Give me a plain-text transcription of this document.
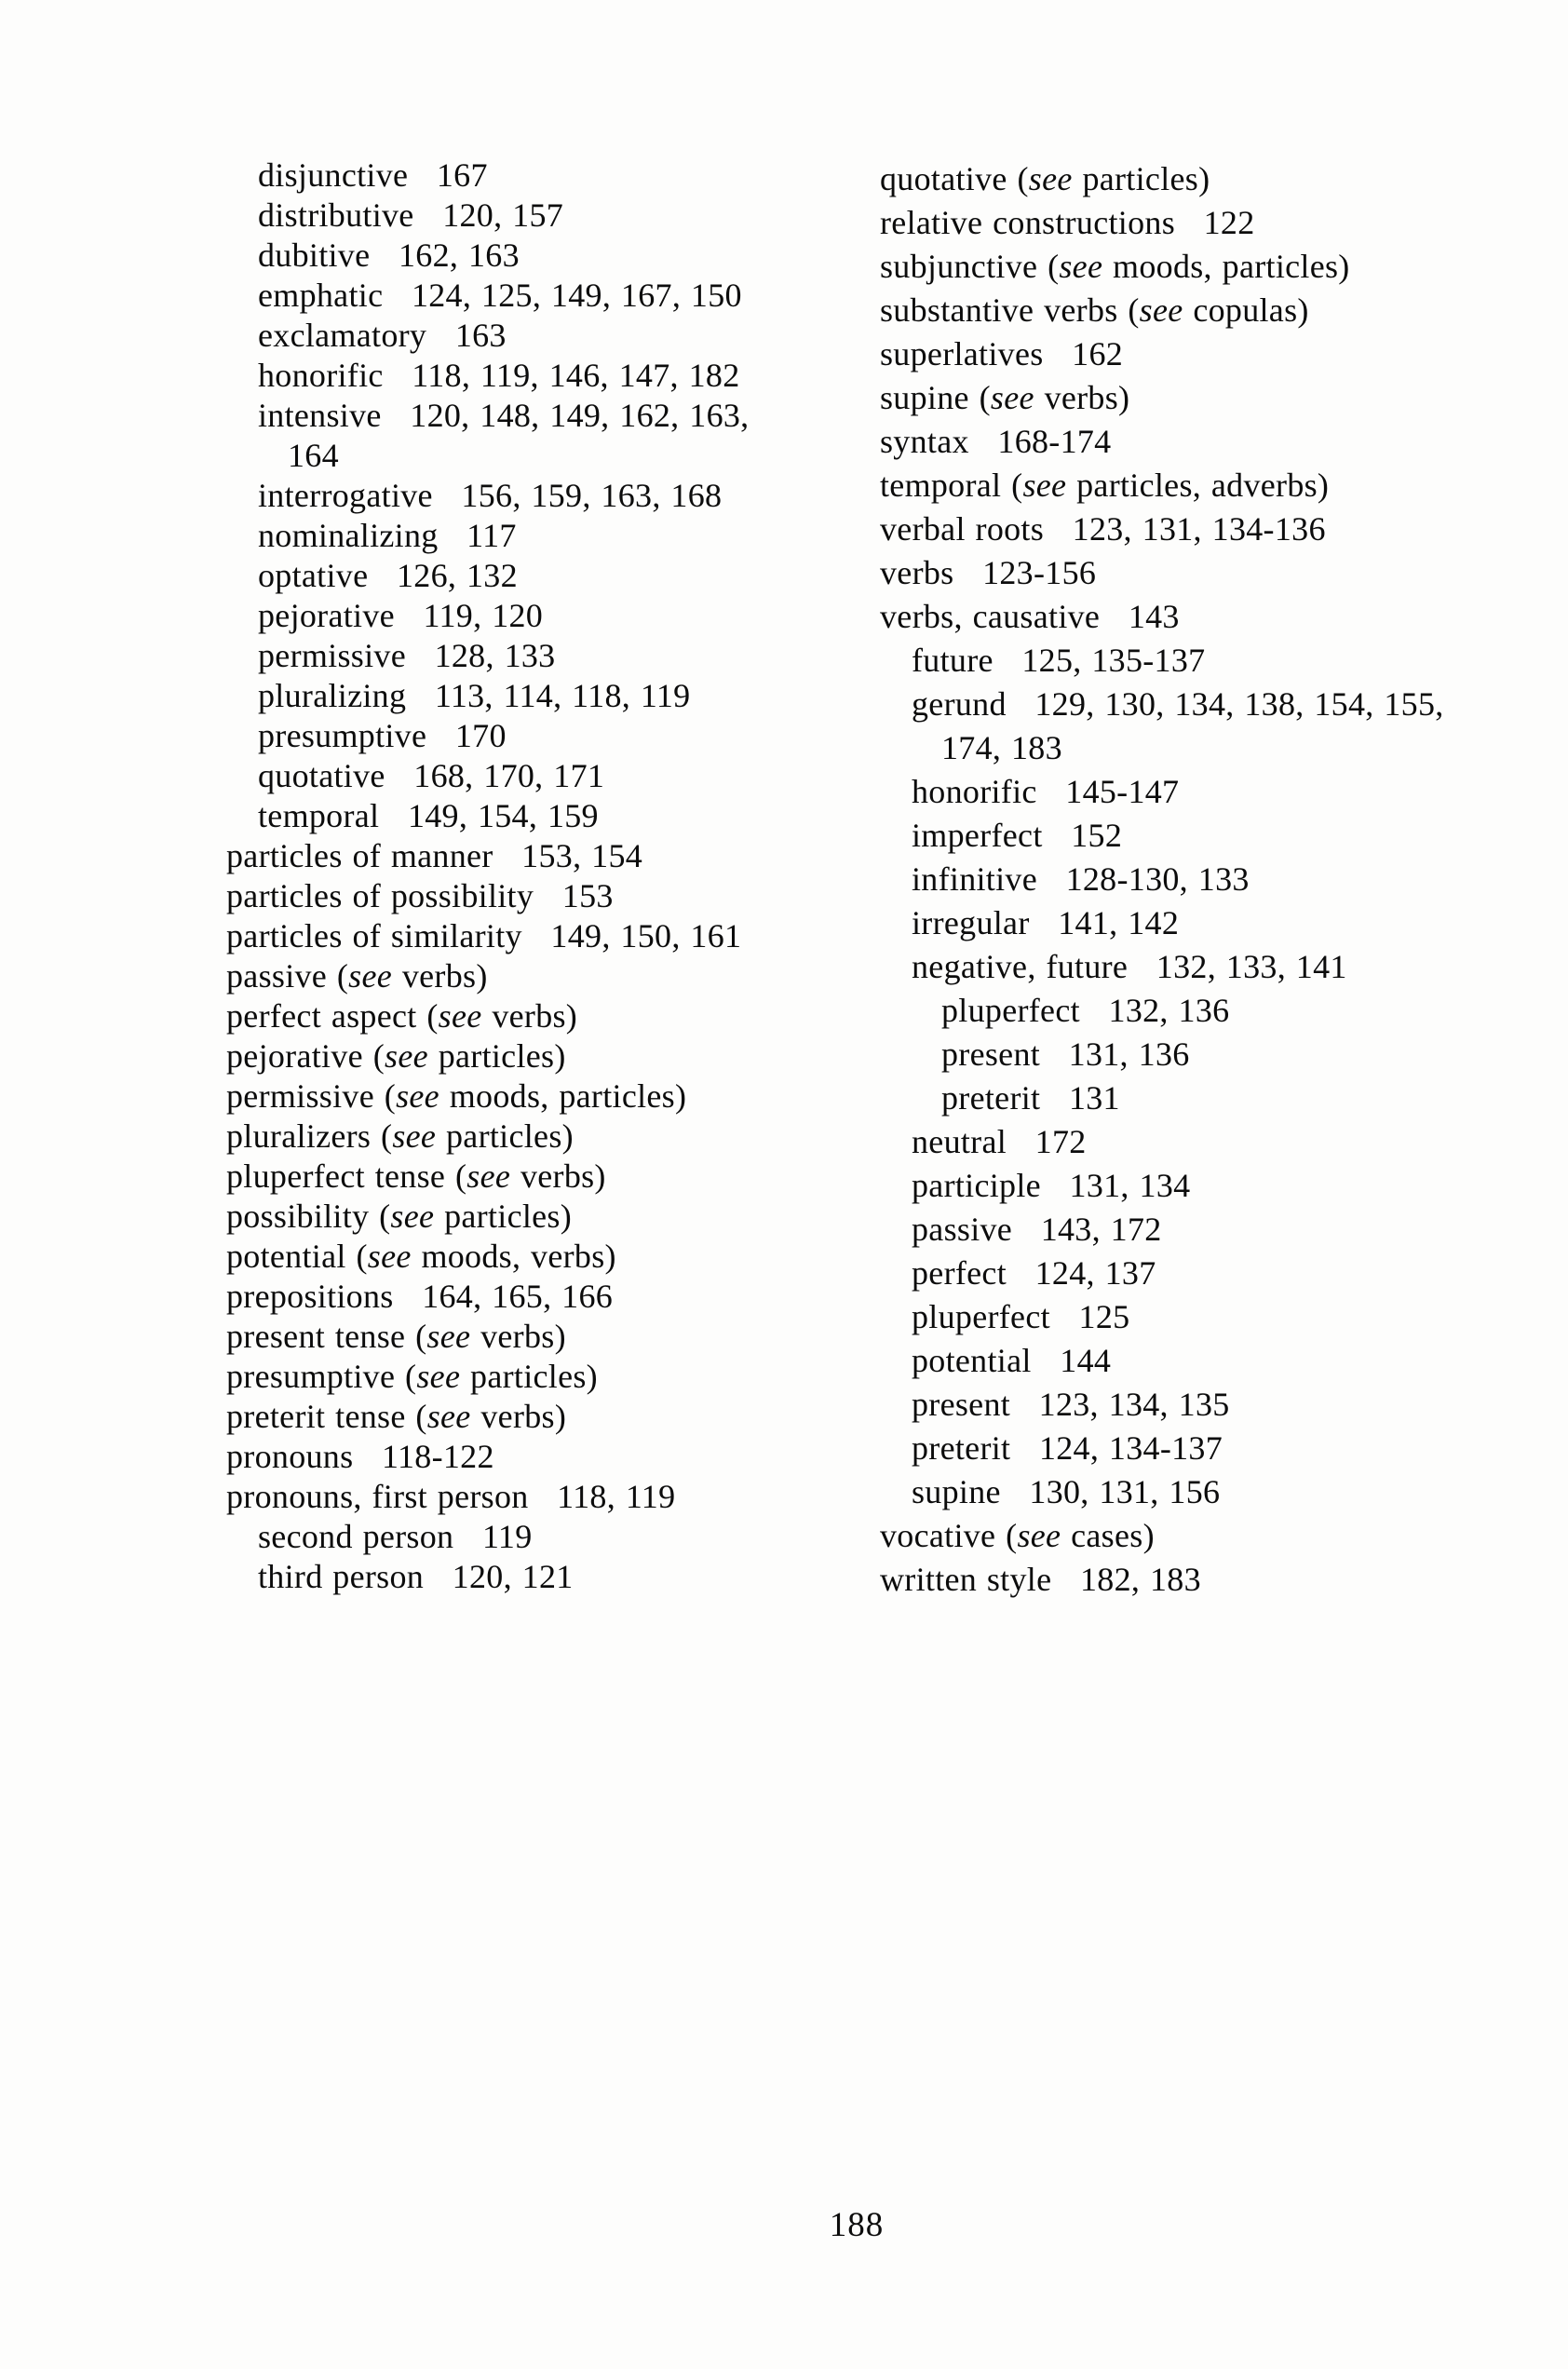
disjunctive 167
distributive 120, 157
dubitive 162, 163
emphatic 124, 125, 149, 167, 150
exclamatory 163
honorific 118, 119, 146, 147, 182
intensive 120, 148, 149, 162, 163,
164
interrogative 156, 159, 163, 168
nominalizing 117
optative 126, 132
pejorative 119, 120
permissive 128, 133
pluralizing 113, 114, 118, 119
presumptive 170
quotative 168, 170, 171
temporal 149, 154, 159
particles of manner 153, 154
particles of possibility 153
particles of similarity 149, 150, 161
passive (see verbs)
perfect aspect (see verbs)
pejorative (see particles)
permissive (see moods, particles)
pluralizers (see particles)
pluperfect tense (see verbs)
possibility (see particles)
potential (see moods, verbs)
prepositions 164, 165, 166
present tense (see verbs)
presumptive (see particles)
preterit tense (see verbs)
pronouns 118-122
pronouns, first person 118, 119
second person 119
third person 120, 121
quotative (see particles)
relative constructions 122
subjunctive (see moods, particles)
substantive verbs (see copulas)
superlatives 162
supine (see verbs)
syntax 168-174
temporal (see particles, adverbs)
verbal roots 123, 131, 134-136
verbs 123-156
verbs, causative 143
future 125, 135-137
gerund 129, 130, 134, 138, 154, 155,
174, 183
honorific 145-147
imperfect 152
infinitive 128-130, 133
irregular 141, 142
negative, future 132, 133, 141
pluperfect 132, 136
present 131, 136
preterit 131
neutral 172
participle 131, 134
passive 143, 172
perfect 124, 137
pluperfect 125
potential 144
present 123, 134, 135
preterit 124, 134-137
supine 130, 131, 156
vocative (see cases)
written style 182, 183
188
